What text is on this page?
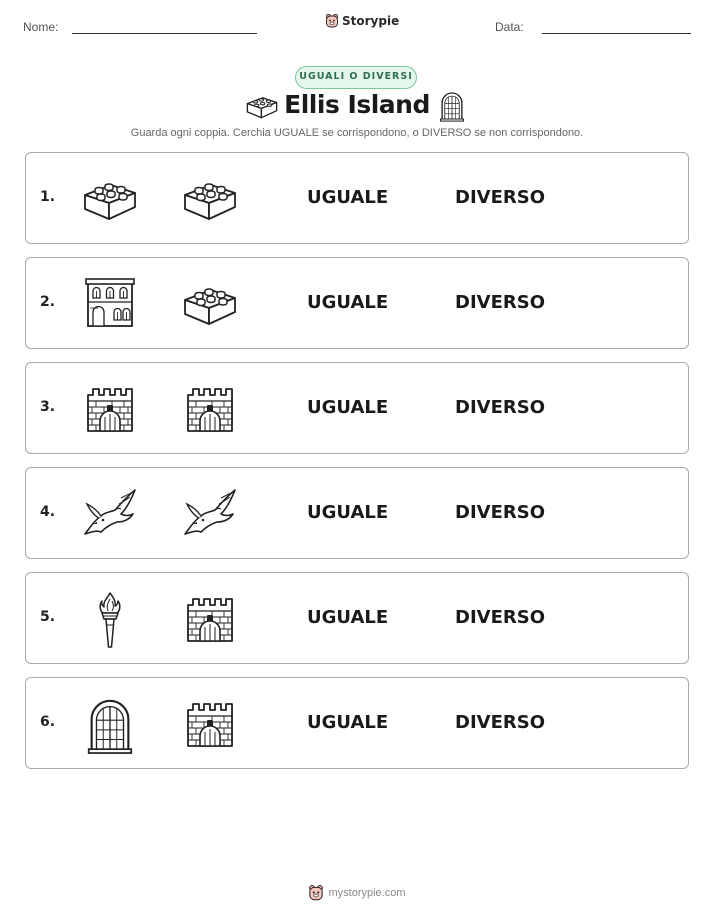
Nome:	Storypie	Data:
UGUALI O DIVERSI
Ellis Island
Guarda ogni coppia. Cerchia UGUALE se corrispondono, o DIVERSO se non corrispondono.
1.	UGUALE	DIVERSO
2.	UGUALE	DIVERSO
3.	UGUALE	DIVERSO
4.	UGUALE	DIVERSO
5.	UGUALE	DIVERSO
6.	UGUALE	DIVERSO
mystorypie.com
